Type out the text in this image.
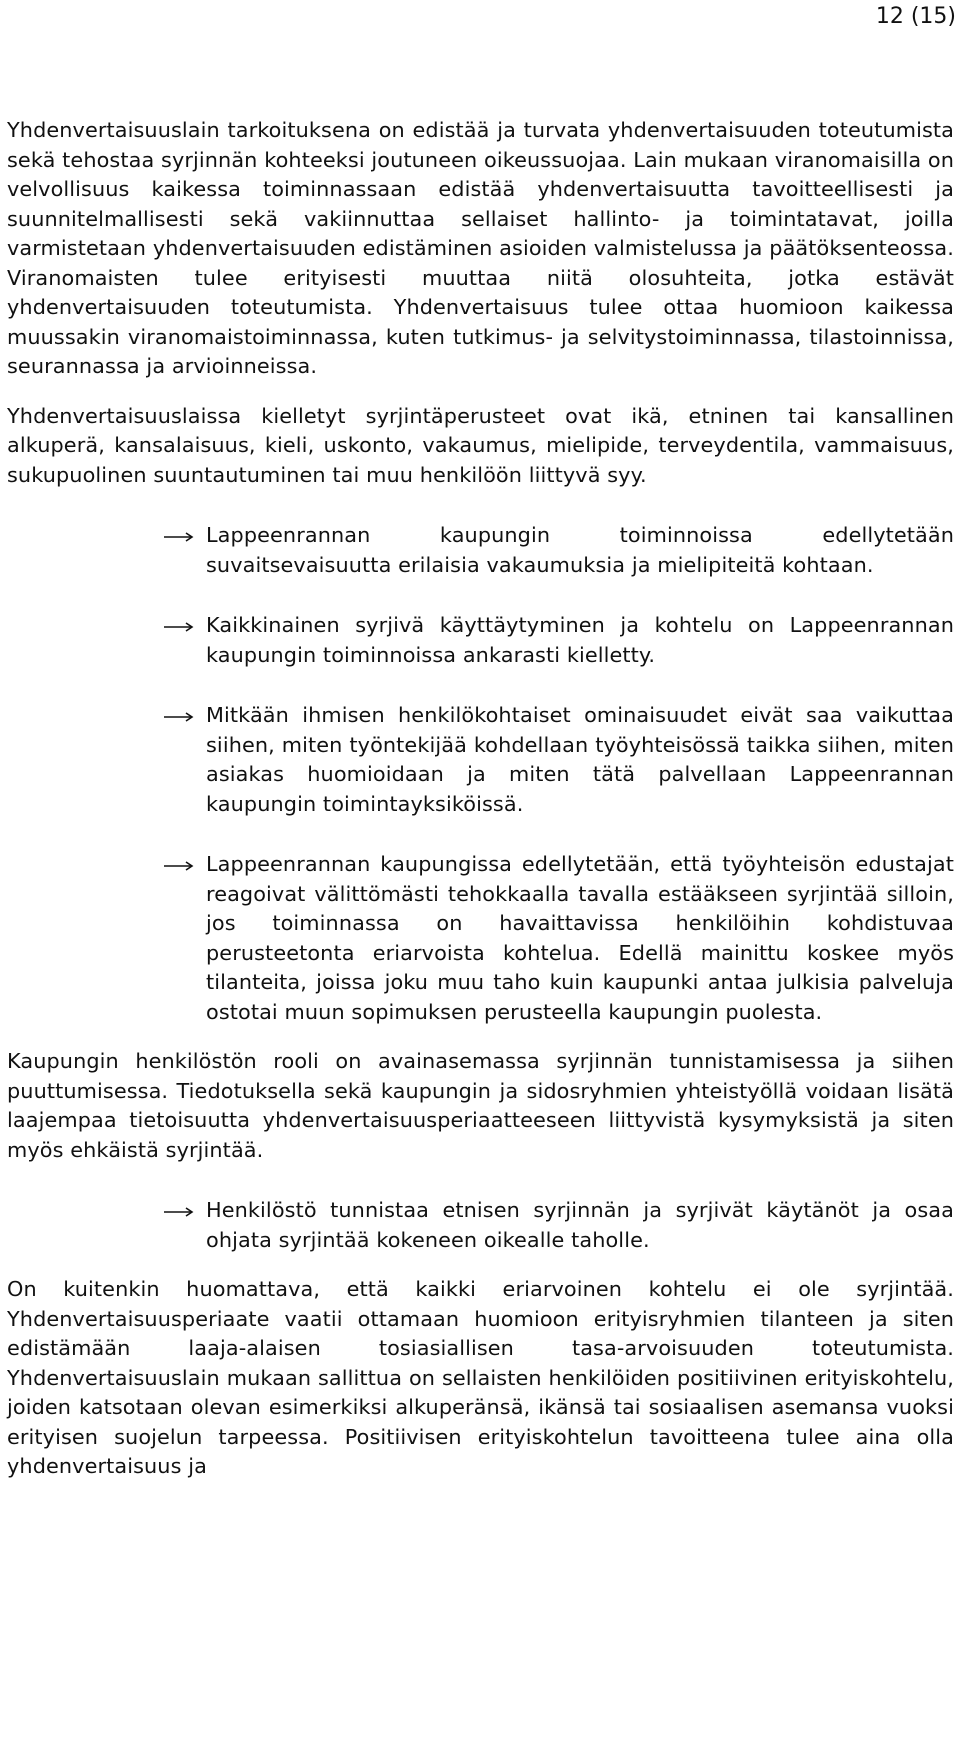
12 (15)

Yhdenvertaisuuslain tarkoituksena on edistää ja turvata yhdenvertaisuuden toteutumista sekä tehostaa syrjinnän kohteeksi joutuneen oikeussuojaa. Lain mukaan viranomaisilla on velvollisuus kaikessa toiminnassaan edistää yhdenvertaisuutta tavoitteellisesti ja suunnitelmallisesti sekä vakiinnuttaa sellaiset hallinto- ja toimintatavat, joilla varmistetaan yhdenvertaisuuden edistäminen asioiden valmistelussa ja päätöksenteossa. Viranomaisten tulee erityisesti muuttaa niitä olosuhteita, jotka estävät yhdenvertaisuuden toteutumista. Yhdenvertaisuus tulee ottaa huomioon kaikessa muussakin viranomaistoiminnassa, kuten tutkimus- ja selvitystoiminnassa, tilastoinnissa, seurannassa ja arvioinneissa.

Yhdenvertaisuuslaissa kielletyt syrjintäperusteet ovat ikä, etninen tai kansallinen alkuperä, kansalaisuus, kieli, uskonto, vakaumus, mielipide, terveydentila, vammaisuus, sukupuolinen suuntautuminen tai muu henkilöön liittyvä syy.

Lappeenrannan kaupungin toiminnoissa edellytetään suvaitsevaisuutta erilaisia vakaumuksia ja mielipiteitä kohtaan.

Kaikkinainen syrjivä käyttäytyminen ja kohtelu on Lappeenrannan kaupungin toiminnoissa ankarasti kielletty.

Mitkään ihmisen henkilökohtaiset ominaisuudet eivät saa vaikuttaa siihen, miten työntekijää kohdellaan työyhteisössä taikka siihen, miten asiakas huomioidaan ja miten tätä palvellaan Lappeenrannan kaupungin toimintayksiköissä.

Lappeenrannan kaupungissa edellytetään, että työyhteisön edustajat reagoivat välittömästi tehokkaalla tavalla estääkseen syrjintää silloin, jos toiminnassa on havaittavissa henkilöihin kohdistuvaa perusteetonta eriarvoista kohtelua. Edellä mainittu koskee myös tilanteita, joissa joku muu taho kuin kaupunki antaa julkisia palveluja ostotai muun sopimuksen perusteella kaupungin puolesta.

Kaupungin henkilöstön rooli on avainasemassa syrjinnän tunnistamisessa ja siihen puuttumisessa. Tiedotuksella sekä kaupungin ja sidosryhmien yhteistyöllä voidaan lisätä laajempaa tietoisuutta yhdenvertaisuusperiaatteeseen liittyvistä kysymyksistä ja siten myös ehkäistä syrjintää.

Henkilöstö tunnistaa etnisen syrjinnän ja syrjivät käytänöt ja osaa ohjata syrjintää kokeneen oikealle taholle.

On kuitenkin huomattava, että kaikki eriarvoinen kohtelu ei ole syrjintää. Yhdenvertaisuusperiaate vaatii ottamaan huomioon erityisryhmien tilanteen ja siten edistämään laaja-alaisen tosiasiallisen tasa-arvoisuuden toteutumista. Yhdenvertaisuuslain mukaan sallittua on sellaisten henkilöiden positiivinen erityiskohtelu, joiden katsotaan olevan esimerkiksi alkuperänsä, ikänsä tai sosiaalisen asemansa vuoksi erityisen suojelun tarpeessa. Positiivisen erityiskohtelun tavoitteena tulee aina olla yhdenvertaisuus ja
